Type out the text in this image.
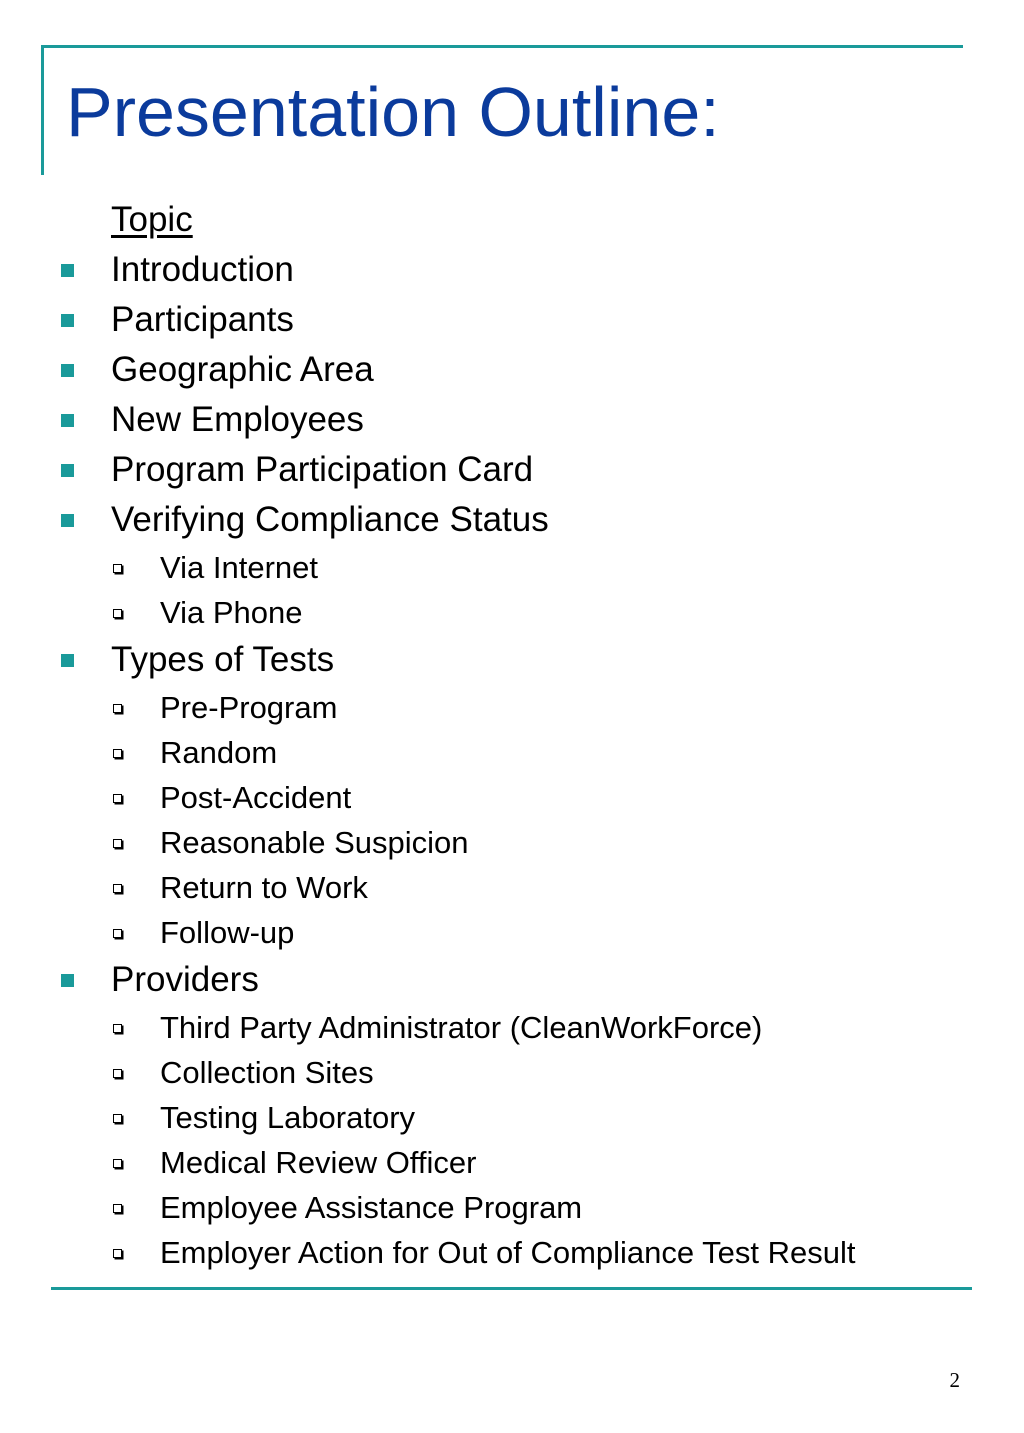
Presentation Outline:
Topic
Introduction
Participants
Geographic Area
New Employees
Program Participation Card
Verifying Compliance Status
Via Internet
Via Phone
Types of Tests
Pre-Program
Random
Post-Accident
Reasonable Suspicion
Return to Work
Follow-up
Providers
Third Party Administrator (CleanWorkForce)
Collection Sites
Testing Laboratory
Medical Review Officer
Employee Assistance Program
Employer Action for Out of Compliance Test Result
2
